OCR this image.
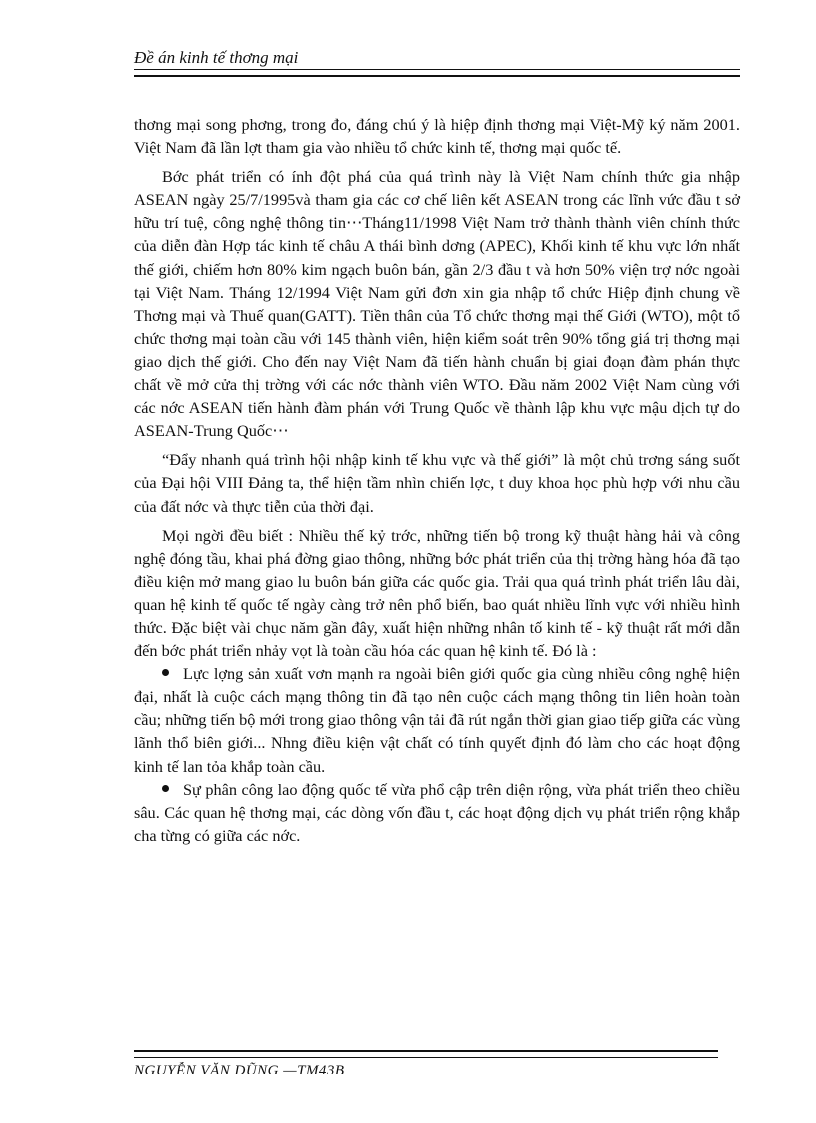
Đề án kinh tế thơng mại

thơng mại song phơng, trong đo, đáng chú ý là hiệp định thơng mại Việt-Mỹ ký năm 2001. Việt Nam đã lần lợt tham gia vào nhiều tổ chức kinh tế, thơng mại quốc tế.

Bớc phát triển có ính đột phá của quá trình này là Việt Nam chính thức gia nhập ASEAN ngày 25/7/1995và tham gia các cơ chế liên kết ASEAN trong các lĩnh vức đầu t sở hữu trí tuệ, công nghệ thông tin⋯Tháng11/1998 Việt Nam trở thành thành viên chính thức của diễn đàn Hợp tác kinh tế châu A thái bình dơng (APEC), Khối kinh tế khu vực lớn nhất thế giới, chiếm hơn 80% kim ngạch buôn bán, gần 2/3 đầu t và hơn 50% viện trợ nớc ngoài tại Việt Nam. Tháng 12/1994 Việt Nam gửi đơn xin gia nhập tổ chức Hiệp định chung về Thơng mại và Thuế quan(GATT). Tiền thân của Tổ chức thơng mại thế Giới (WTO), một tổ chức thơng mại toàn cầu với 145 thành viên, hiện kiểm soát trên 90% tổng giá trị thơng mại giao dịch thế giới. Cho đến nay Việt Nam đã tiến hành chuẩn bị giai đoạn đàm phán thực chất về mở cửa thị trờng với các nớc thành viên WTO. Đầu năm 2002 Việt Nam cùng với các nớc ASEAN tiến hành đàm phán với Trung Quốc về thành lập khu vực mậu dịch tự do ASEAN-Trung Quốc⋯

“Đẩy nhanh quá trình hội nhập kinh tế khu vực và thế giới” là một chủ trơng sáng suốt của Đại hội VIII Đảng ta, thể hiện tầm nhìn chiến lợc, t duy khoa học phù hợp với nhu cầu của đất nớc và thực tiễn của thời đại.

Mọi ngời đều biết : Nhiều thế kỷ trớc, những tiến bộ trong kỹ thuật hàng hải và công nghệ đóng tầu, khai phá đờng giao thông, những bớc phát triển của thị trờng hàng hóa đã tạo điều kiện mở mang giao lu buôn bán giữa các quốc gia. Trải qua quá trình phát triển lâu dài, quan hệ kinh tế quốc tế ngày càng trở nên phổ biến, bao quát nhiều lĩnh vực với nhiều hình thức. Đặc biệt vài chục năm gần đây, xuất hiện những nhân tố kinh tế - kỹ thuật rất mới dẫn đến bớc phát triển nhảy vọt là toàn cầu hóa các quan hệ kinh tế. Đó là :

Lực lợng sản xuất vơn mạnh ra ngoài biên giới quốc gia cùng nhiều công nghệ hiện đại, nhất là cuộc cách mạng thông tin đã tạo nên cuộc cách mạng thông tin liên hoàn toàn cầu; những tiến bộ mới trong giao thông vận tải đã rút ngắn thời gian giao tiếp giữa các vùng lãnh thổ biên giới... Nhng điều kiện vật chất có tính quyết định đó làm cho các hoạt động kinh tế lan tỏa khắp toàn cầu.

Sự phân công lao động quốc tế vừa phổ cập trên diện rộng, vừa phát triển theo chiều sâu. Các quan hệ thơng mại, các dòng vốn đầu t, các hoạt động dịch vụ phát triển rộng khắp cha từng có giữa các nớc.

NGUYỄN VĂN DŨNG —TM43B
